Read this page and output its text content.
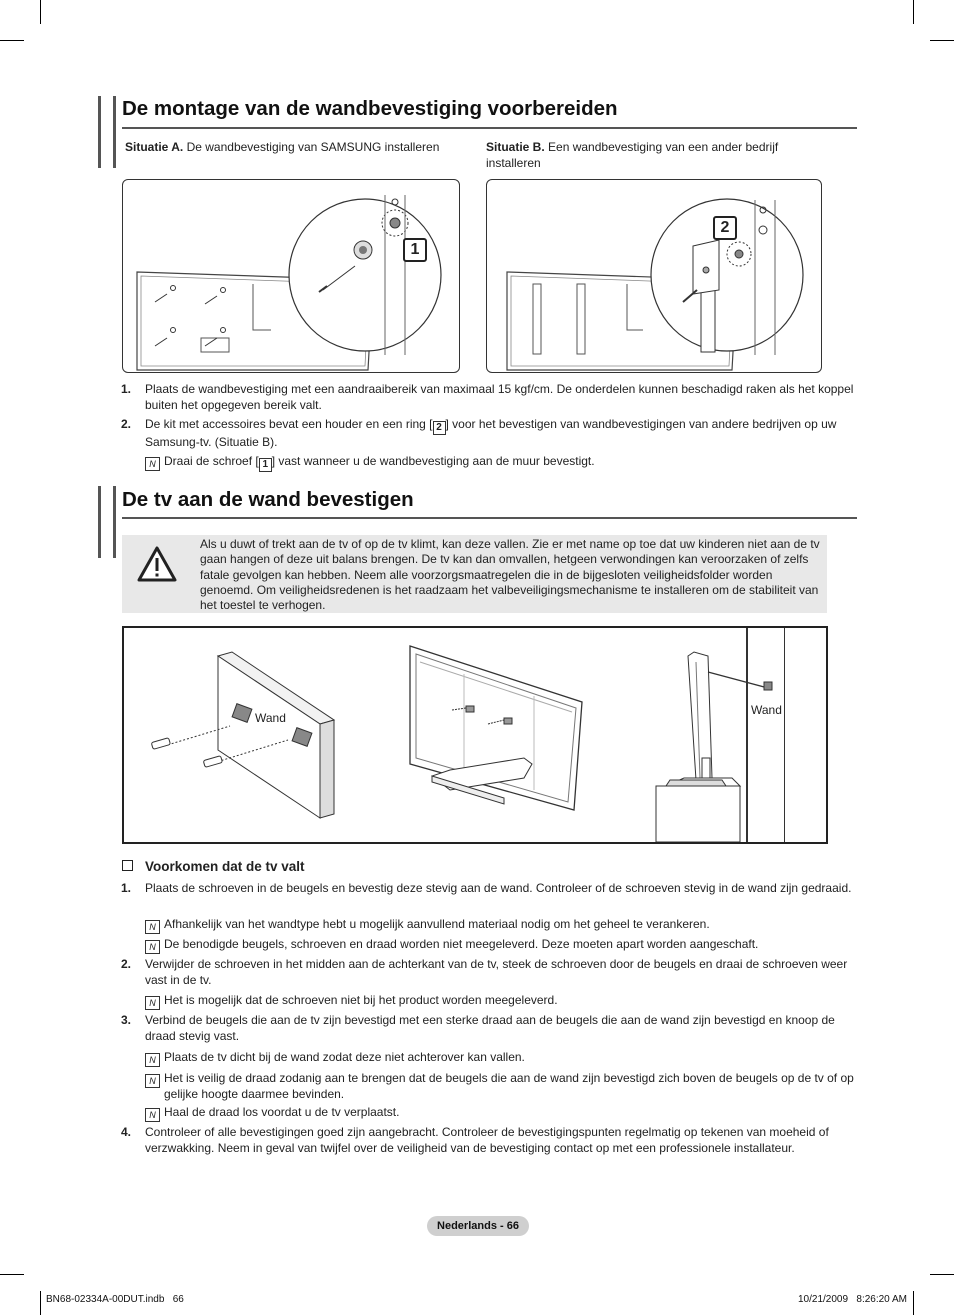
De montage van de wandbevestiging voorbereiden
Situatie A. De wandbevestiging van SAMSUNG installeren	Situatie B. Een wandbevestiging van een ander bedrijf installeren
1
2
1. Plaats de wandbevestiging met een aandraaibereik van maximaal 15 kgf/cm. De onderdelen kunnen beschadigd raken als het koppel buiten het opgegeven bereik valt.
2. De kit met accessoires bevat een houder en een ring [ 2 ] voor het bevestigen van wandbevestigingen van andere bedrijven op uw Samsung-tv. (Situatie B).
N Draai de schroef [ 1 ] vast wanneer u de wandbevestiging aan de muur bevestigt.
De tv aan de wand bevestigen
Als u duwt of trekt aan de tv of op de tv klimt, kan deze vallen. Zie er met name op toe dat uw kinderen niet aan de tv gaan hangen of deze uit balans brengen. De tv kan dan omvallen, hetgeen verwondingen kan veroorzaken of zelfs fatale gevolgen kan hebben. Neem alle voorzorgsmaatregelen die in de bijgesloten veiligheidsfolder worden genoemd. Om veiligheidsredenen is het raadzaam het valbeveiligingsmechanisme te installeren om de stabiliteit van het toestel te verhogen.
Wand
Wand
Voorkomen dat de tv valt
1. Plaats de schroeven in de beugels en bevestig deze stevig aan de wand. Controleer of de schroeven stevig in de wand zijn gedraaid.
N Afhankelijk van het wandtype hebt u mogelijk aanvullend materiaal nodig om het geheel te verankeren.
N De benodigde beugels, schroeven en draad worden niet meegeleverd. Deze moeten apart worden aangeschaft.
2. Verwijder de schroeven in het midden aan de achterkant van de tv, steek de schroeven door de beugels en draai de schroeven weer vast in de tv.
N Het is mogelijk dat de schroeven niet bij het product worden meegeleverd.
3. Verbind de beugels die aan de tv zijn bevestigd met een sterke draad aan de beugels die aan de wand zijn bevestigd en knoop de draad stevig vast.
N Plaats de tv dicht bij de wand zodat deze niet achterover kan vallen.
N Het is veilig de draad zodanig aan te brengen dat de beugels die aan de wand zijn bevestigd zich boven de beugels op de tv of op gelijke hoogte daarmee bevinden.
N Haal de draad los voordat u de tv verplaatst.
4. Controleer of alle bevestigingen goed zijn aangebracht. Controleer de bevestigingspunten regelmatig op tekenen van moeheid of verzwakking. Neem in geval van twijfel over de veiligheid van de bevestiging contact op met een professionele installateur.
Nederlands - 66
BN68-02334A-00DUT.indb   66	10/21/2009   8:26:20 AM
